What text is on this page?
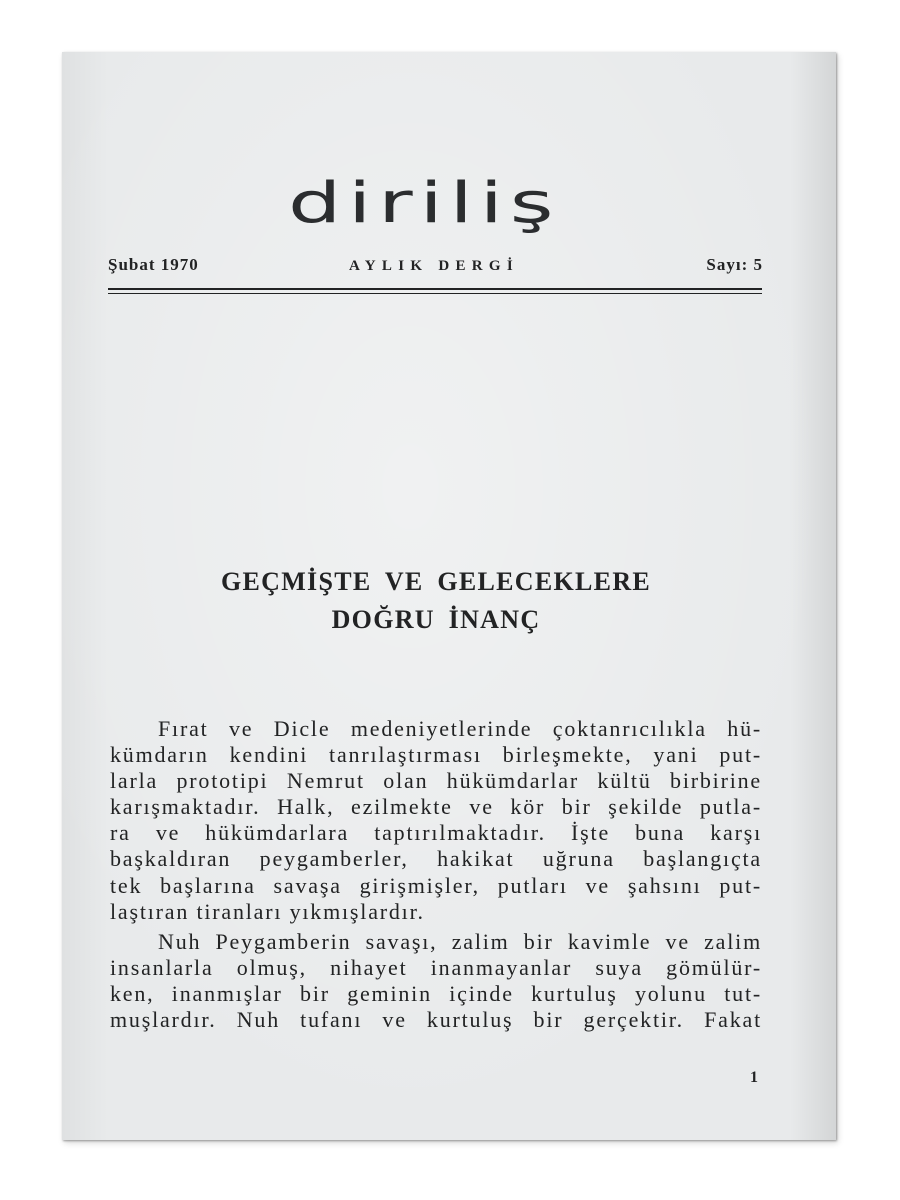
diriliş
Şubat 1970	AYLIK DERGİ	Sayı: 5
GEÇMİŞTE VE GELECEKLERE
DOĞRU İNANÇ
Fırat ve Dicle medeniyetlerinde çoktanrıcılıkla hü-
kümdarın kendini tanrılaştırması birleşmekte, yani put-
larla prototipi Nemrut olan hükümdarlar kültü birbirine
karışmaktadır. Halk, ezilmekte ve kör bir şekilde putla-
ra ve hükümdarlara taptırılmaktadır. İşte buna karşı
başkaldıran peygamberler, hakikat uğruna başlangıçta
tek başlarına savaşa girişmişler, putları ve şahsını put-
laştıran tiranları yıkmışlardır.
Nuh Peygamberin savaşı, zalim bir kavimle ve zalim
insanlarla olmuş, nihayet inanmayanlar suya gömülür-
ken, inanmışlar bir geminin içinde kurtuluş yolunu tut-
muşlardır. Nuh tufanı ve kurtuluş bir gerçektir. Fakat
1
